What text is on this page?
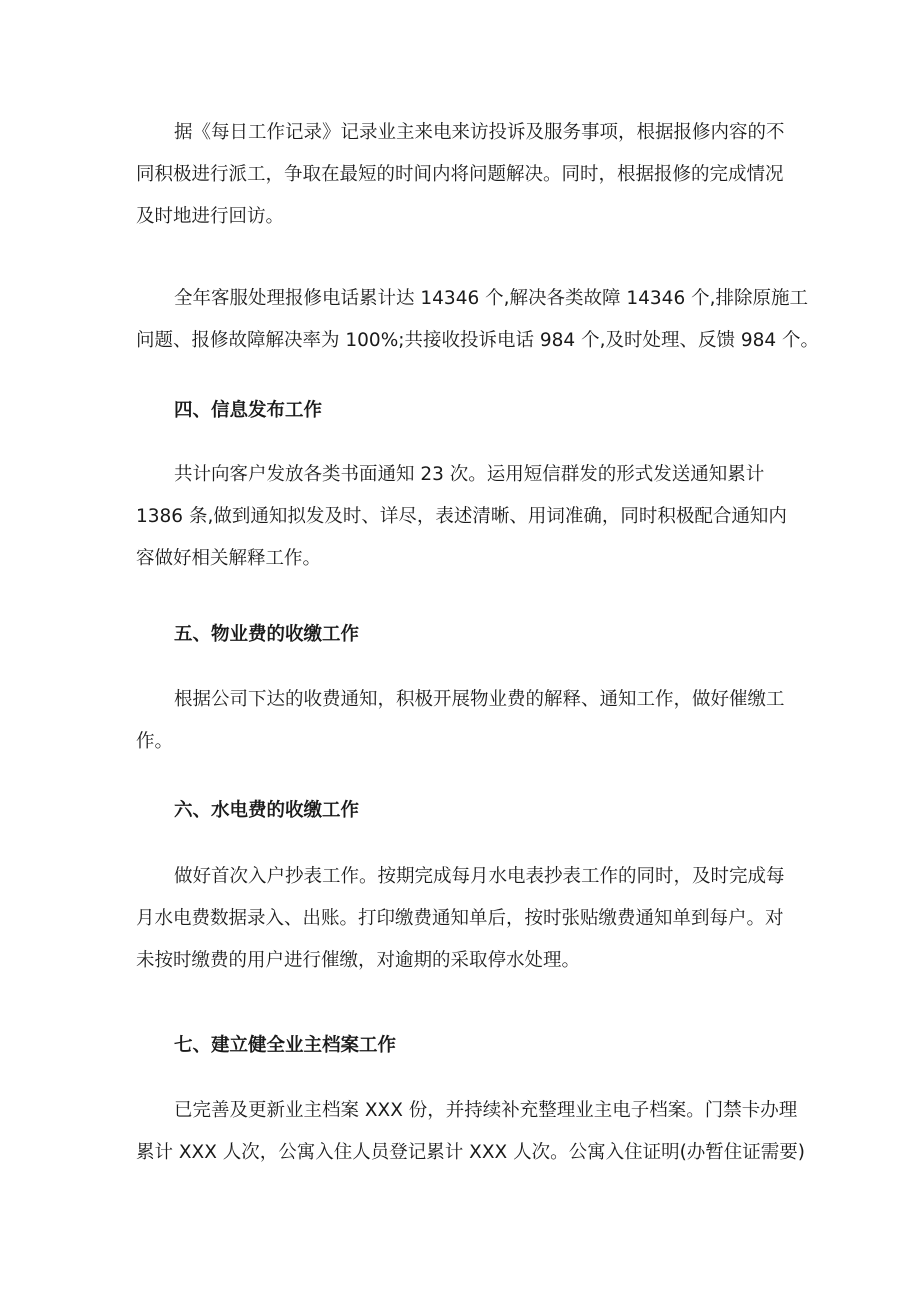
据《每日工作记录》记录业主来电来访投诉及服务事项，根据报修内容的不
同积极进行派工，争取在最短的时间内将问题解决。同时，根据报修的完成情况
及时地进行回访。

全年客服处理报修电话累计达 14346 个,解决各类故障 14346 个,排除原施工
问题、报修故障解决率为 100%;共接收投诉电话 984 个,及时处理、反馈 984 个。

四、信息发布工作

共计向客户发放各类书面通知 23 次。运用短信群发的形式发送通知累计
1386 条,做到通知拟发及时、详尽，表述清晰、用词准确，同时积极配合通知内
容做好相关解释工作。

五、物业费的收缴工作

根据公司下达的收费通知，积极开展物业费的解释、通知工作，做好催缴工
作。

六、水电费的收缴工作

做好首次入户抄表工作。按期完成每月水电表抄表工作的同时，及时完成每
月水电费数据录入、出账。打印缴费通知单后，按时张贴缴费通知单到每户。对
未按时缴费的用户进行催缴，对逾期的采取停水处理。

七、建立健全业主档案工作

已完善及更新业主档案 XXX 份，并持续补充整理业主电子档案。门禁卡办理
累计 XXX 人次，公寓入住人员登记累计 XXX 人次。公寓入住证明(办暂住证需要)
